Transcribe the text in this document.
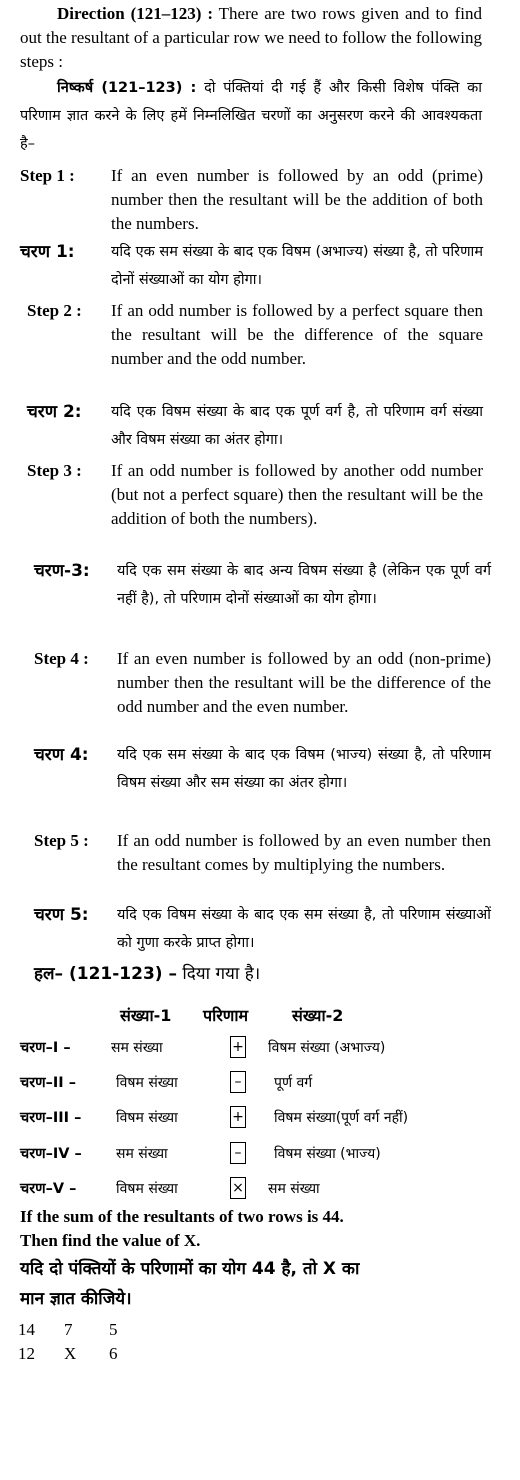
Direction (121–123) : There are two rows given and to find out the resultant of a particular row we need to follow the following steps :
निष्कर्ष (121–123) : दो पंक्तियां दी गई हैं और किसी विशेष पंक्ति का परिणाम ज्ञात करने के लिए हमें निम्नलिखित चरणों का अनुसरण करने की आवश्यकता है–
Step 1 : If an even number is followed by an odd (prime) number then the resultant will be the addition of both the numbers.
चरण 1:	यदि एक सम संख्या के बाद एक विषम (अभाज्य) संख्या है, तो परिणाम दोनों संख्याओं का योग होगा।
Step 2 : If an odd number is followed by a perfect square then the resultant will be the difference of the square number and the odd number.
चरण 2: यदि एक विषम संख्या के बाद एक पूर्ण वर्ग है, तो परिणाम वर्ग संख्या और विषम संख्या का अंतर होगा।
Step 3 : If an odd number is followed by another odd number (but not a perfect square) then the resultant will be the addition of both the numbers).
चरण-3: यदि एक सम संख्या के बाद अन्य विषम संख्या है (लेकिन एक पूर्ण वर्ग नहीं है), तो परिणाम दोनों संख्याओं का योग होगा।
Step 4 : If an even number is followed by an odd (non-prime) number then the resultant will be the difference of the odd number and the even number.
चरण 4: यदि एक सम संख्या के बाद एक विषम (भाज्य) संख्या है, तो परिणाम विषम संख्या और सम संख्या का अंतर होगा।
Step 5 : If an odd number is followed by an even number then the resultant comes by multiplying the numbers.
चरण 5: यदि एक विषम संख्या के बाद एक सम संख्या है, तो परिणाम संख्याओं को गुणा करके प्राप्त होगा।
हल– (121-123) – दिया गया है।
संख्या-1 परिणाम	संख्या-2
चरण–I –	सम संख्या	+ विषम संख्या (अभाज्य)
चरण–II –	विषम संख्या	–	पूर्ण वर्ग
चरण–III – विषम संख्या	+ विषम संख्या(पूर्ण वर्ग नहीं)
चरण–IV – सम संख्या	–	विषम संख्या (भाज्य)
चरण–V –	विषम संख्या	× सम संख्या
If the sum of the resultants of two rows is 44.
Then find the value of X.
यदि दो पंक्तियों के परिणामों का योग 44 है, तो X का
मान ज्ञात कीजिये।
14 7 5
12 X 6
